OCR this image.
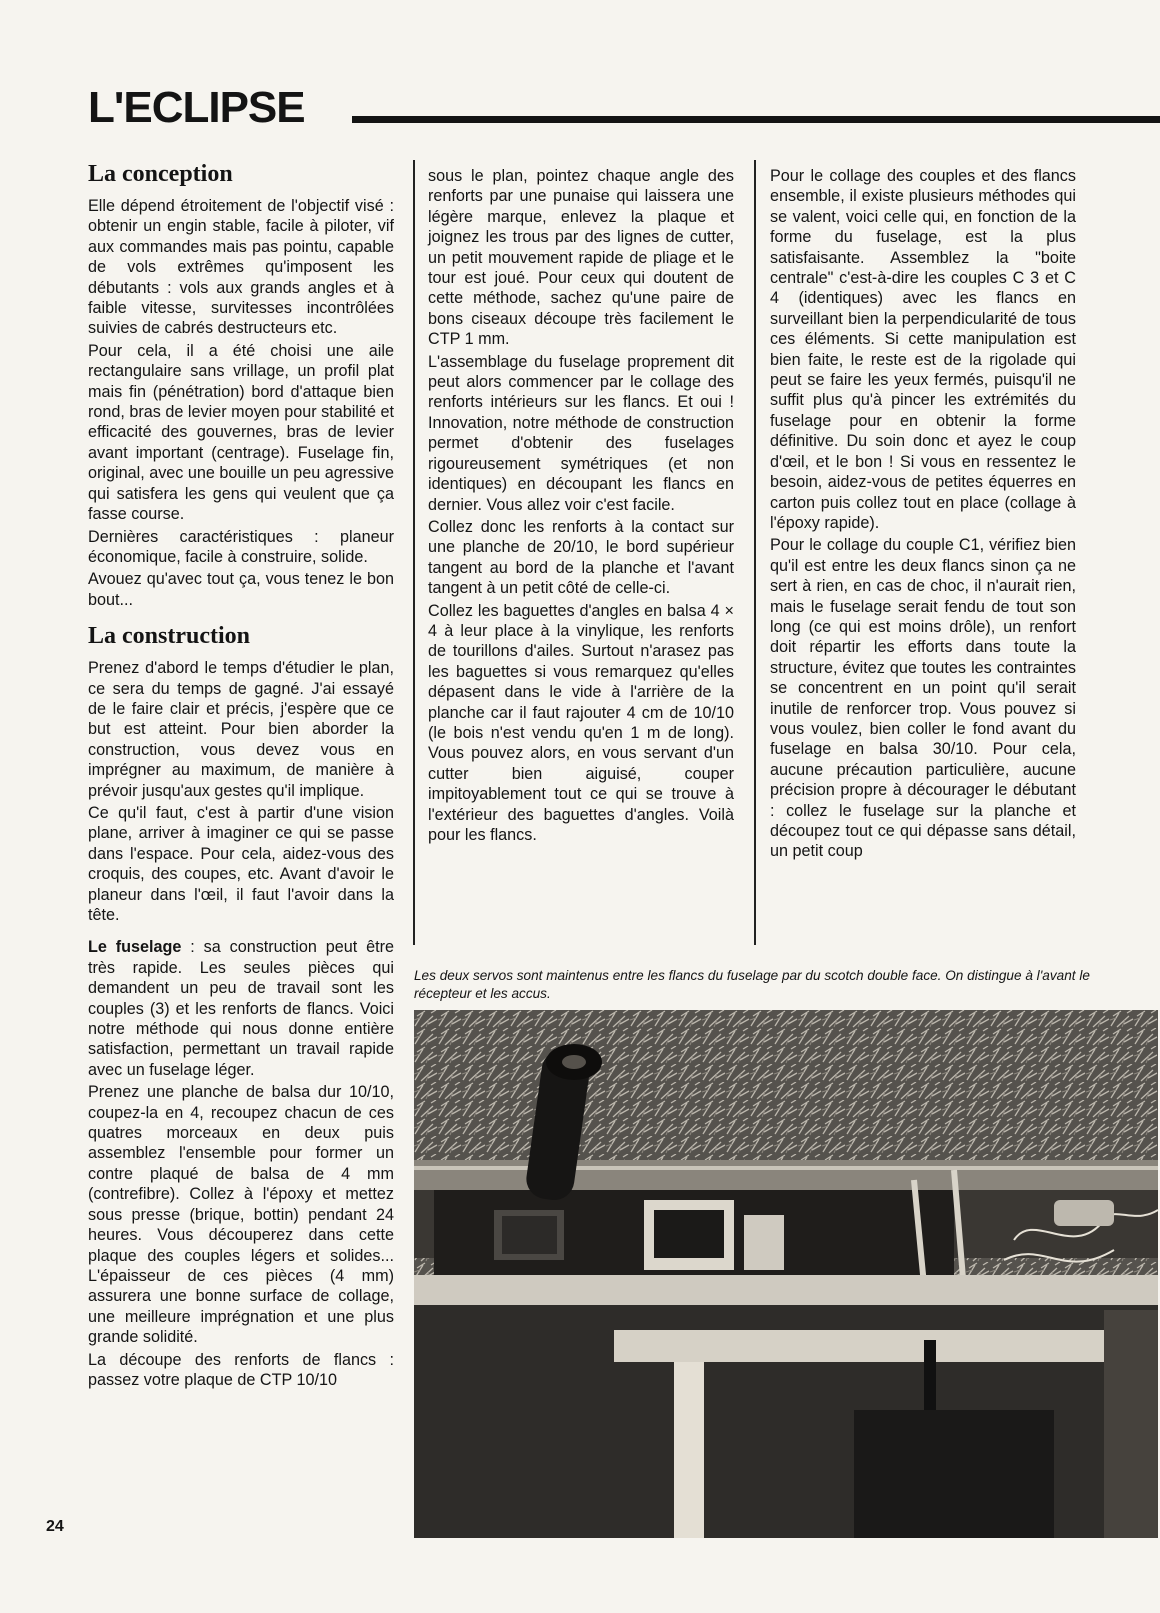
L'ECLIPSE
La conception

Elle dépend étroitement de l'objectif visé : obtenir un engin stable, facile à piloter, vif aux commandes mais pas pointu, capable de vols extrêmes qu'imposent les débutants : vols aux grands angles et à faible vitesse, survitesses incontrôlées suivies de cabrés destructeurs etc.

Pour cela, il a été choisi une aile rectangulaire sans vrillage, un profil plat mais fin (pénétration) bord d'attaque bien rond, bras de levier moyen pour stabilité et efficacité des gouvernes, bras de levier avant important (centrage). Fuselage fin, original, avec une bouille un peu agressive qui satisfera les gens qui veulent que ça fasse course.

Dernières caractéristiques : planeur économique, facile à construire, solide.

Avouez qu'avec tout ça, vous tenez le bon bout...

La construction

Prenez d'abord le temps d'étudier le plan, ce sera du temps de gagné. J'ai essayé de le faire clair et précis, j'espère que ce but est atteint. Pour bien aborder la construction, vous devez vous en imprégner au maximum, de manière à prévoir jusqu'aux gestes qu'il implique.

Ce qu'il faut, c'est à partir d'une vision plane, arriver à imaginer ce qui se passe dans l'espace. Pour cela, aidez-vous des croquis, des coupes, etc. Avant d'avoir le planeur dans l'œil, il faut l'avoir dans la tête.

Le fuselage : sa construction peut être très rapide. Les seules pièces qui demandent un peu de travail sont les couples (3) et les renforts de flancs. Voici notre méthode qui nous donne entière satisfaction, permettant un travail rapide avec un fuselage léger.

Prenez une planche de balsa dur 10/10, coupez-la en 4, recoupez chacun de ces quatres morceaux en deux puis assemblez l'ensemble pour former un contre plaqué de balsa de 4 mm (contrefibre). Collez à l'époxy et mettez sous presse (brique, bottin) pendant 24 heures. Vous découperez dans cette plaque des couples légers et solides... L'épaisseur de ces pièces (4 mm) assurera une bonne surface de collage, une meilleure imprégnation et une plus grande solidité.

La découpe des renforts de flancs : passez votre plaque de CTP 10/10

sous le plan, pointez chaque angle des renforts par une punaise qui laissera une légère marque, enlevez la plaque et joignez les trous par des lignes de cutter, un petit mouvement rapide de pliage et le tour est joué. Pour ceux qui doutent de cette méthode, sachez qu'une paire de bons ciseaux découpe très facilement le CTP 1 mm.

L'assemblage du fuselage proprement dit peut alors commencer par le collage des renforts intérieurs sur les flancs. Et oui ! Innovation, notre méthode de construction permet d'obtenir des fuselages rigoureusement symétriques (et non identiques) en découpant les flancs en dernier. Vous allez voir c'est facile.

Collez donc les renforts à la contact sur une planche de 20/10, le bord supérieur tangent au bord de la planche et l'avant tangent à un petit côté de celle-ci.

Collez les baguettes d'angles en balsa 4 × 4 à leur place à la vinylique, les renforts de tourillons d'ailes. Surtout n'arasez pas les baguettes si vous remarquez qu'elles dépasent dans le vide à l'arrière de la planche car il faut rajouter 4 cm de 10/10 (le bois n'est vendu qu'en 1 m de long). Vous pouvez alors, en vous servant d'un cutter bien aiguisé, couper impitoyablement tout ce qui se trouve à l'extérieur des baguettes d'angles. Voilà pour les flancs.

Pour le collage des couples et des flancs ensemble, il existe plusieurs méthodes qui se valent, voici celle qui, en fonction de la forme du fuselage, est la plus satisfaisante. Assemblez la "boite centrale" c'est-à-dire les couples C 3 et C 4 (identiques) avec les flancs en surveillant bien la perpendicularité de tous ces éléments. Si cette manipulation est bien faite, le reste est de la rigolade qui peut se faire les yeux fermés, puisqu'il ne suffit plus qu'à pincer les extrémités du fuselage pour en obtenir la forme définitive. Du soin donc et ayez le coup d'œil, et le bon ! Si vous en ressentez le besoin, aidez-vous de petites équerres en carton puis collez tout en place (collage à l'époxy rapide).

Pour le collage du couple C1, vérifiez bien qu'il est entre les deux flancs sinon ça ne sert à rien, en cas de choc, il n'aurait rien, mais le fuselage serait fendu de tout son long (ce qui est moins drôle), un renfort doit répartir les efforts dans toute la structure, évitez que toutes les contraintes se concentrent en un point qu'il serait inutile de renforcer trop. Vous pouvez si vous voulez, bien coller le fond avant du fuselage en balsa 30/10. Pour cela, aucune précaution particulière, aucune précision propre à décourager le débutant : collez le fuselage sur la planche et découpez tout ce qui dépasse sans détail, un petit coup

Les deux servos sont maintenus entre les flancs du fuselage par du scotch double face. On distingue à l'avant le récepteur et les accus.
24
